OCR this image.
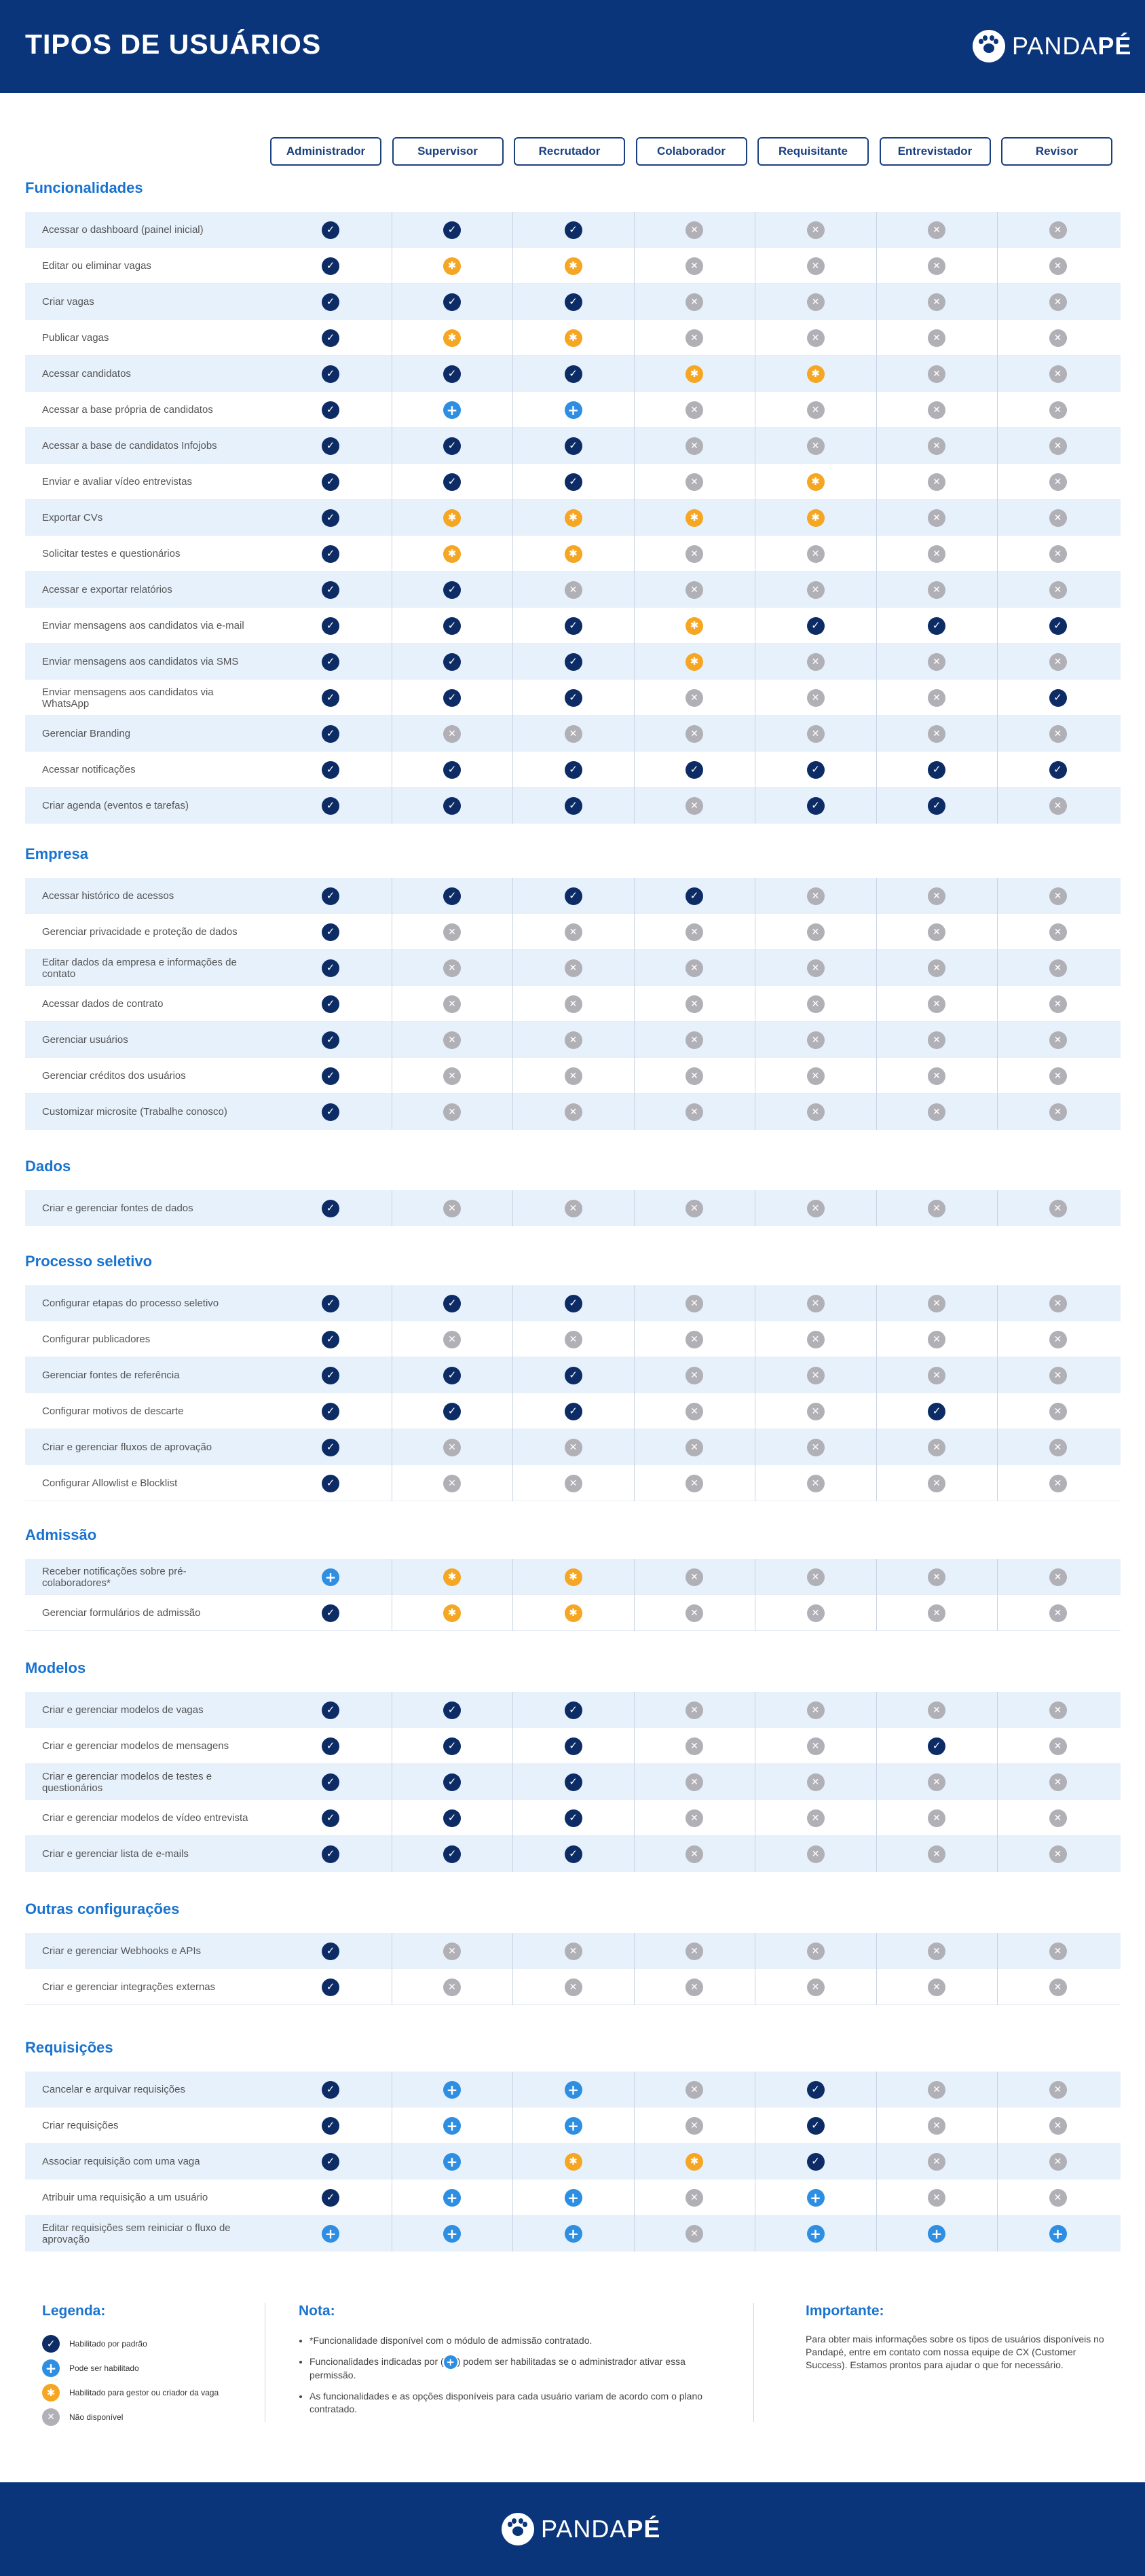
TIPOS DE USUÁRIOS	PANDAPÉ
Administrador	Supervisor	Recrutador	Colaborador	Requisitante	Entrevistador	Revisor
Funcionalidades
Acessar o dashboard (painel inicial)	✓	✓	✓	✕	✕	✕	✕
Editar ou eliminar vagas	✓	✱	✱	✕	✕	✕	✕
Criar vagas	✓	✓	✓	✕	✕	✕	✕
Publicar vagas	✓	✱	✱	✕	✕	✕	✕
Acessar candidatos	✓	✓	✓	✱	✱	✕	✕
Acessar a base própria de candidatos	✓	+	+	✕	✕	✕	✕
Acessar a base de candidatos Infojobs	✓	✓	✓	✕	✕	✕	✕
Enviar e avaliar vídeo entrevistas	✓	✓	✓	✕	✱	✕	✕
Exportar CVs	✓	✱	✱	✱	✱	✕	✕
Solicitar testes e questionários	✓	✱	✱	✕	✕	✕	✕
Acessar e exportar relatórios	✓	✓	✕	✕	✕	✕	✕
Enviar mensagens aos candidatos via e-mail	✓	✓	✓	✱	✓	✓	✓
Enviar mensagens aos candidatos via SMS	✓	✓	✓	✱	✕	✕	✕
Enviar mensagens aos candidatos via WhatsApp	✓	✓	✓	✕	✕	✕	✓
Gerenciar Branding	✓	✕	✕	✕	✕	✕	✕
Acessar notificações	✓	✓	✓	✓	✓	✓	✓
Criar agenda (eventos e tarefas)	✓	✓	✓	✕	✓	✓	✕
Empresa
Acessar histórico de acessos	✓	✓	✓	✓	✕	✕	✕
Gerenciar privacidade e proteção de dados	✓	✕	✕	✕	✕	✕	✕
Editar dados da empresa e informações de contato	✓	✕	✕	✕	✕	✕	✕
Acessar dados de contrato	✓	✕	✕	✕	✕	✕	✕
Gerenciar usuários	✓	✕	✕	✕	✕	✕	✕
Gerenciar créditos dos usuários	✓	✕	✕	✕	✕	✕	✕
Customizar microsite (Trabalhe conosco)	✓	✕	✕	✕	✕	✕	✕
Dados
Criar e gerenciar fontes de dados	✓	✕	✕	✕	✕	✕	✕
Processo seletivo
Configurar etapas do processo seletivo	✓	✓	✓	✕	✕	✕	✕
Configurar publicadores	✓	✕	✕	✕	✕	✕	✕
Gerenciar fontes de referência	✓	✓	✓	✕	✕	✕	✕
Configurar motivos de descarte	✓	✓	✓	✕	✕	✓	✕
Criar e gerenciar fluxos de aprovação	✓	✕	✕	✕	✕	✕	✕
Configurar Allowlist e Blocklist	✓	✕	✕	✕	✕	✕	✕
Admissão
Receber notificações sobre pré-colaboradores*	+	✱	✱	✕	✕	✕	✕
Gerenciar formulários de admissão	✓	✱	✱	✕	✕	✕	✕
Modelos
Criar e gerenciar modelos de vagas	✓	✓	✓	✕	✕	✕	✕
Criar e gerenciar modelos de mensagens	✓	✓	✓	✕	✕	✓	✕
Criar e gerenciar modelos de testes e questionários	✓	✓	✓	✕	✕	✕	✕
Criar e gerenciar modelos de vídeo entrevista	✓	✓	✓	✕	✕	✕	✕
Criar e gerenciar lista de e-mails	✓	✓	✓	✕	✕	✕	✕
Outras configurações
Criar e gerenciar Webhooks e APIs	✓	✕	✕	✕	✕	✕	✕
Criar e gerenciar integrações externas	✓	✕	✕	✕	✕	✕	✕
Requisições
Cancelar e arquivar requisições	✓	+	+	✕	✓	✕	✕
Criar requisições	✓	+	+	✕	✓	✕	✕
Associar requisição com uma vaga	✓	+	✱	✱	✓	✕	✕
Atribuir uma requisição a um usuário	✓	+	+	✕	+	✕	✕
Editar requisições sem reiniciar o fluxo de aprovação	+	+	+	✕	+	+	+
Legenda:
✓	Habilitado por padrão
+	Pode ser habilitado
✱	Habilitado para gestor ou criador da vaga
✕	Não disponível
Nota:
• *Funcionalidade disponível com o módulo de admissão contratado.
• Funcionalidades indicadas por ( + ) podem ser habilitadas se o administrador ativar essa permissão.
• As funcionalidades e as opções disponíveis para cada usuário variam de acordo com o plano contratado.
Importante:

Para obter mais informações sobre os tipos de usuários disponíveis no Pandapé, entre em contato com nossa equipe de CX (Customer Success). Estamos prontos para ajudar o que for necessário.

PANDAPÉ
